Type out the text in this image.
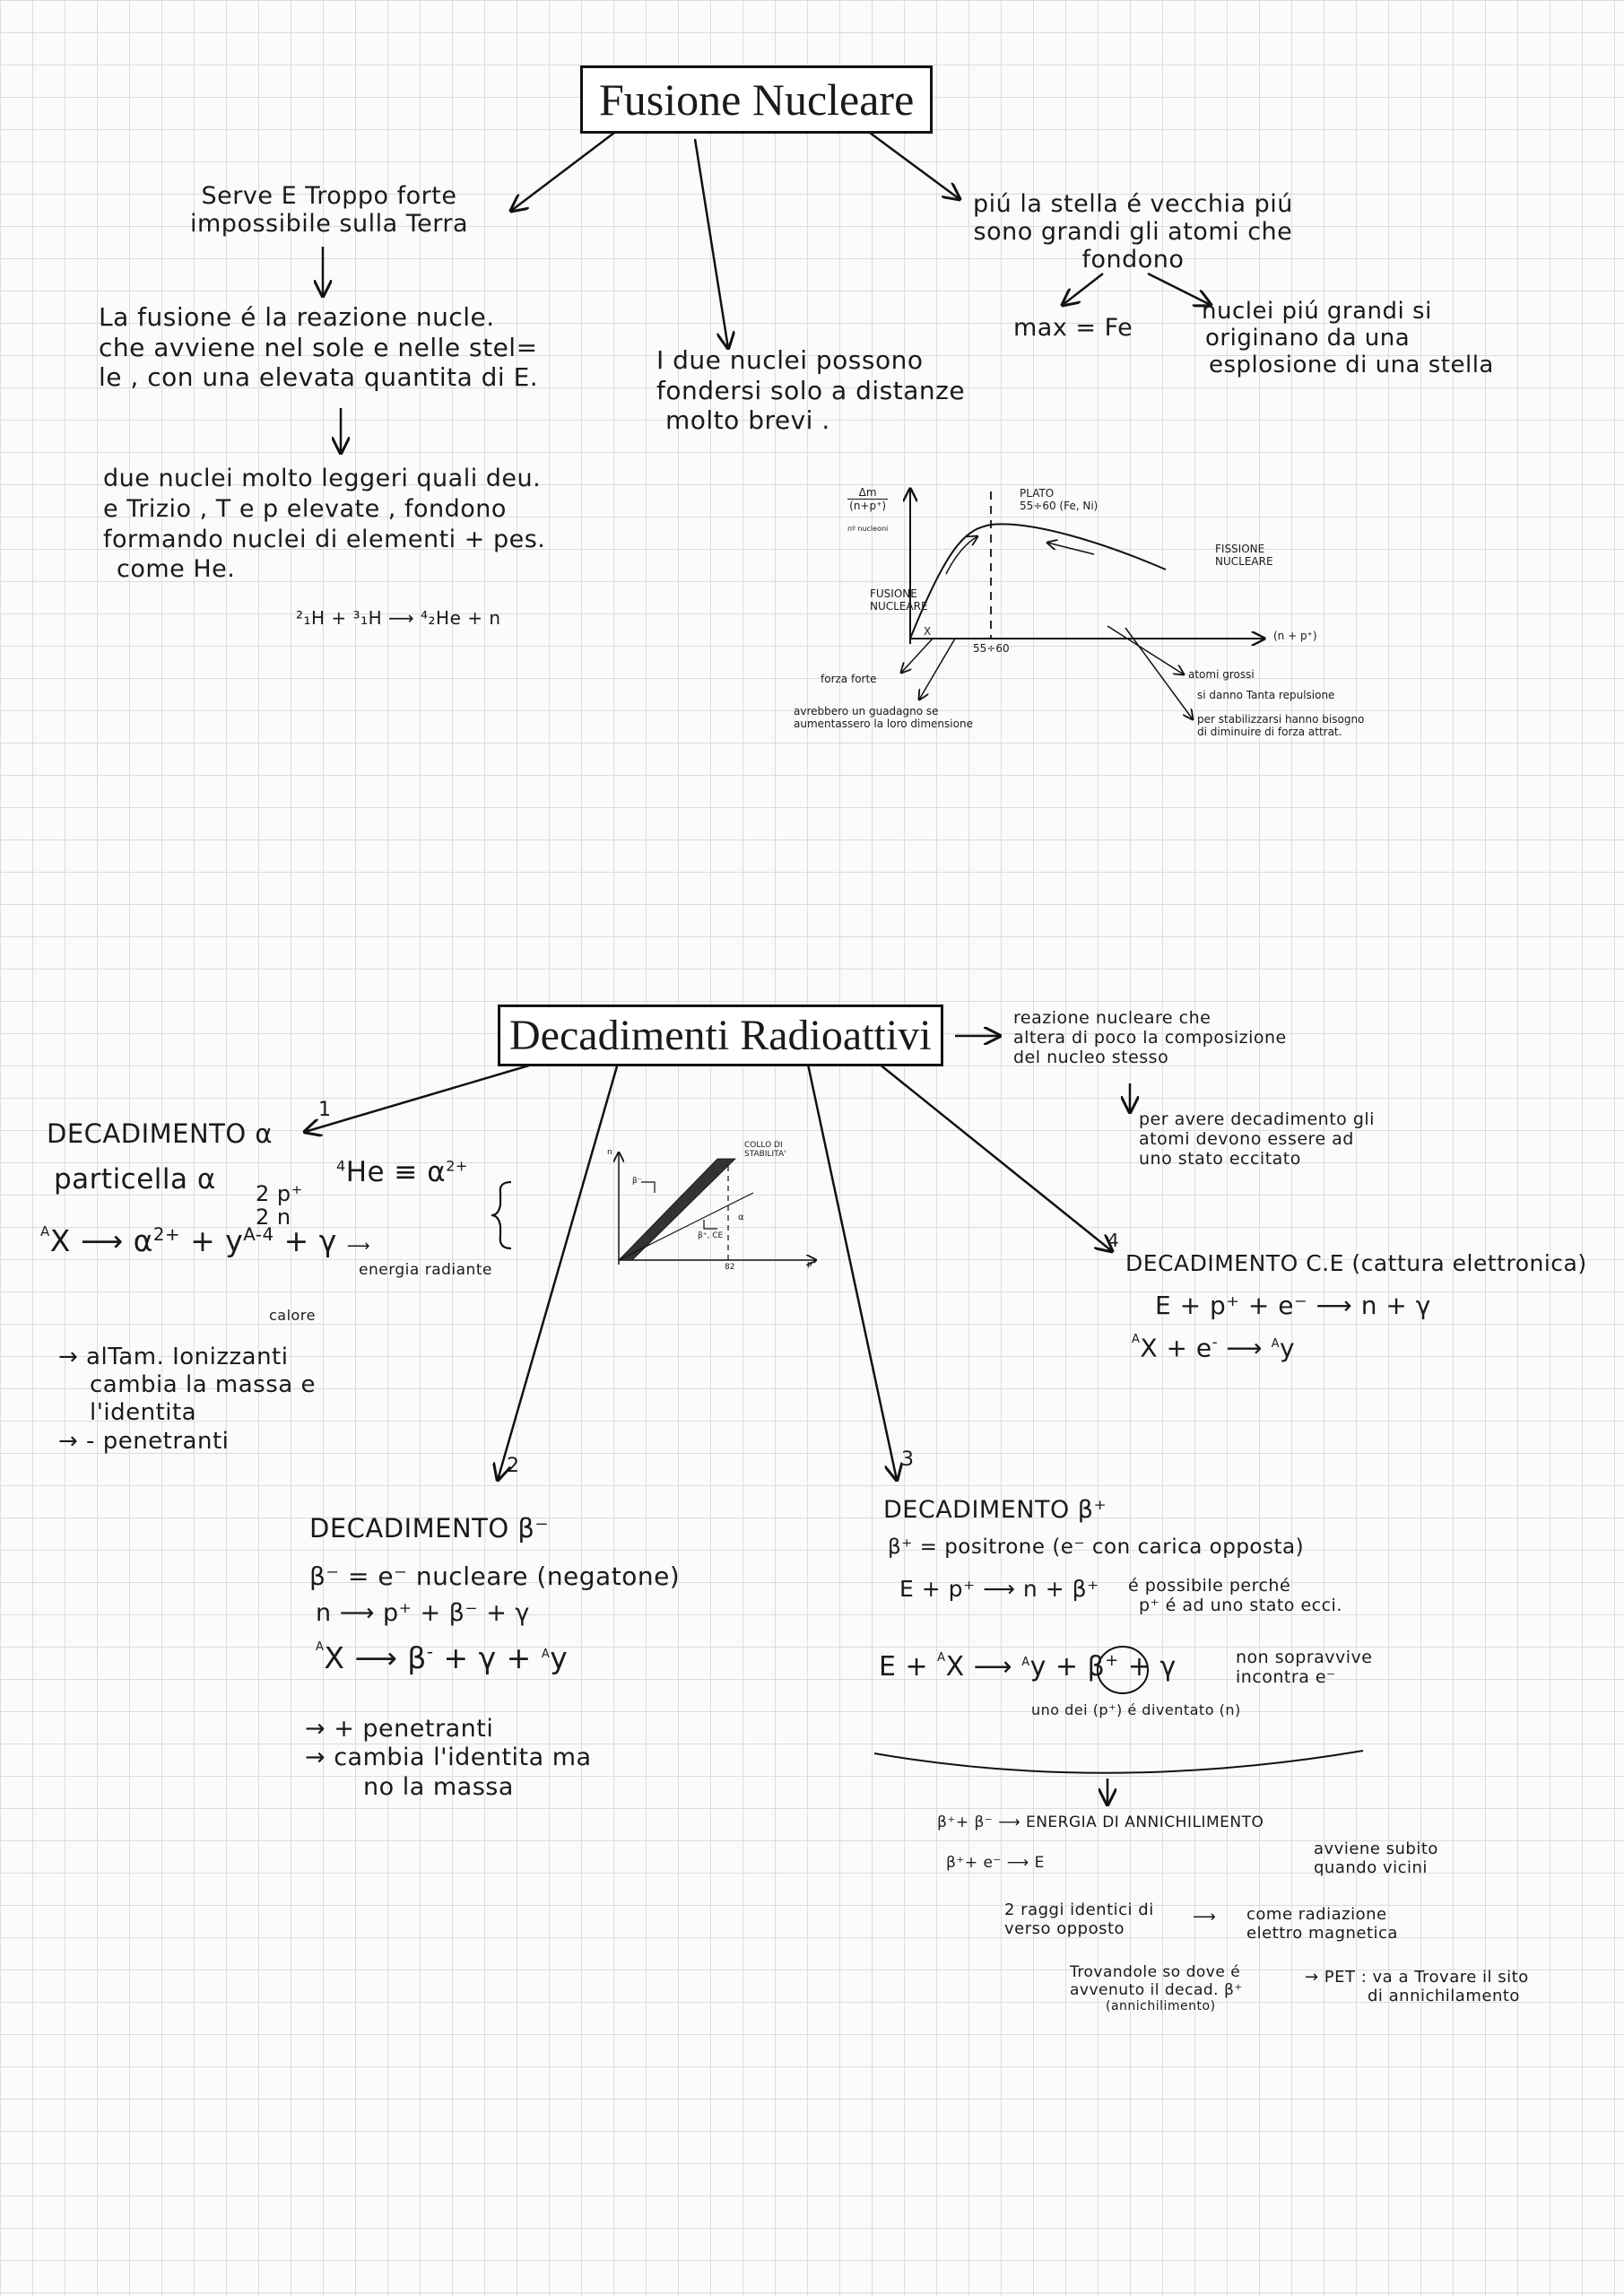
Fusione Nucleare
Serve E Troppo forte
impossibile sulla Terra
La fusione é la reazione nucle.
che avviene nel sole e nelle stel=
le , con una elevata quantita di E.
due nuclei molto leggeri quali deu.
e Trizio , T e p elevate , fondono
formando nuclei di elementi + pes.
come He.
²₁H + ³₁H ⟶ ⁴₂He + n
I due nuclei possono
fondersi solo a distanze
molto brevi .
piú la stella é vecchia piú
sono grandi gli atomi che
fondono
max = Fe
nuclei piú grandi si
originano da una
esplosione di una stella
Δm
(n+p⁺)
nº nucleoni
PLATO
55÷60 (Fe, Ni)
FISSIONE
NUCLEARE
FUSIONE
NUCLEARE
(n + p⁺)
55÷60
X
forza forte
avrebbero un guadagno se
aumentassero la loro dimensione
atomi grossi
si danno Tanta repulsione
per stabilizzarsi hanno bisogno
di diminuire di forza attrat.
Decadimenti Radioattivi	reazione nucleare che
altera di poco la composizione
del nucleo stesso
per avere decadimento gli
atomi devono essere ad
uno stato eccitato
1
DECADIMENTO α
particella α 2 p⁺
2 n
$^4He \equiv \alpha^{2+}$
$^A$X ⟶ $\alpha^{2+} + y^{A-4} + \gamma$ ⟶
energia radiante
calore
→ alTam. Ionizzanti
cambia la massa e
l'identita
→ - penetranti
COLLO DI
STABILITA'
n
p⁺
α
β⁻
β⁺, CE
82
2
DECADIMENTO β⁻
β⁻ = e⁻ nucleare (negatone)
n ⟶ p⁺ + β⁻ + γ
$^A$X ⟶ β- + γ + $^A$y
→ + penetranti
→ cambia l'identita ma
no la massa
3
DECADIMENTO β⁺
β⁺ = positrone (e⁻ con carica opposta)
E + p⁺ ⟶ n + β⁺ é possibile perché
p⁺ é ad uno stato ecci.
E + $^A$X ⟶ $^A$y + β+ + γ	non sopravvive
incontra e⁻
uno dei (p⁺) é diventato (n)
β⁺+ β⁻ ⟶ ENERGIA DI ANNICHILIMENTO
β⁺+ e⁻ ⟶ E
avviene subito
quando vicini
2 raggi identici di
verso opposto
⟶ come radiazione
elettro magnetica
Trovandole so dove é
avvenuto il decad. β⁺
(annichilimento)
→ PET : va a Trovare il sito
di annichilamento
4
DECADIMENTO C.E (cattura elettronica)
E + p⁺ + e⁻ ⟶ n + γ
$^A$X + e- ⟶ $^A$y
